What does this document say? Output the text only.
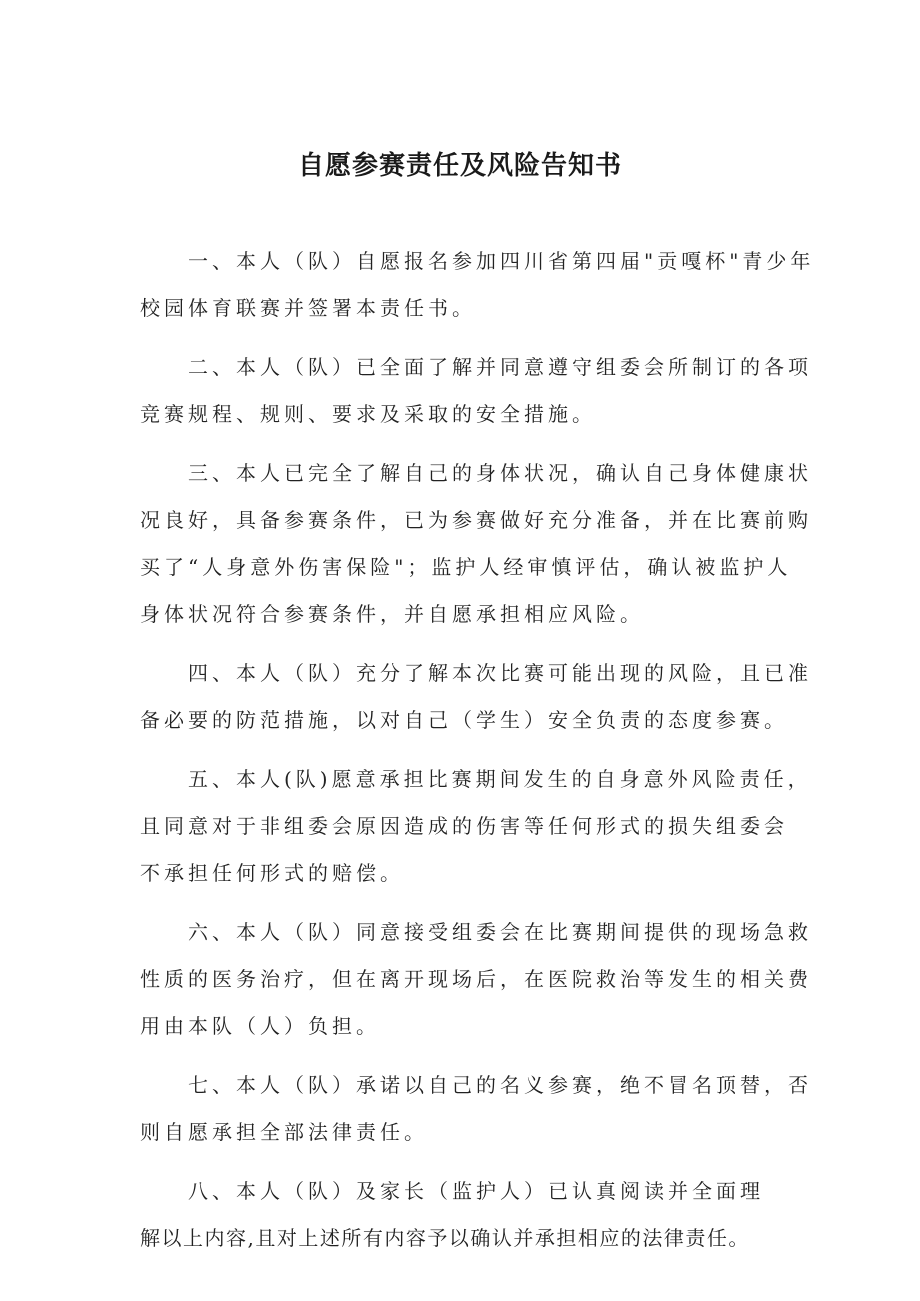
自愿参赛责任及风险告知书
一、本人（队）自愿报名参加四川省第四届"贡嘎杯"青少年
校园体育联赛并签署本责任书。
二、本人（队）已全面了解并同意遵守组委会所制订的各项
竞赛规程、规则、要求及采取的安全措施。
三、本人已完全了解自己的身体状况，确认自己身体健康状
况良好，具备参赛条件，已为参赛做好充分准备，并在比赛前购
买了“人身意外伤害保险"；监护人经审慎评估，确认被监护人
身体状况符合参赛条件，并自愿承担相应风险。
四、本人（队）充分了解本次比赛可能出现的风险，且已准
备必要的防范措施，以对自己（学生）安全负责的态度参赛。
五、本人(队)愿意承担比赛期间发生的自身意外风险责任，
且同意对于非组委会原因造成的伤害等任何形式的损失组委会
不承担任何形式的赔偿。
六、本人（队）同意接受组委会在比赛期间提供的现场急救
性质的医务治疗，但在离开现场后，在医院救治等发生的相关费
用由本队（人）负担。
七、本人（队）承诺以自己的名义参赛，绝不冒名顶替，否
则自愿承担全部法律责任。
八、本人（队）及家长（监护人）已认真阅读并全面理
解以上内容,且对上述所有内容予以确认并承担相应的法律责任。
